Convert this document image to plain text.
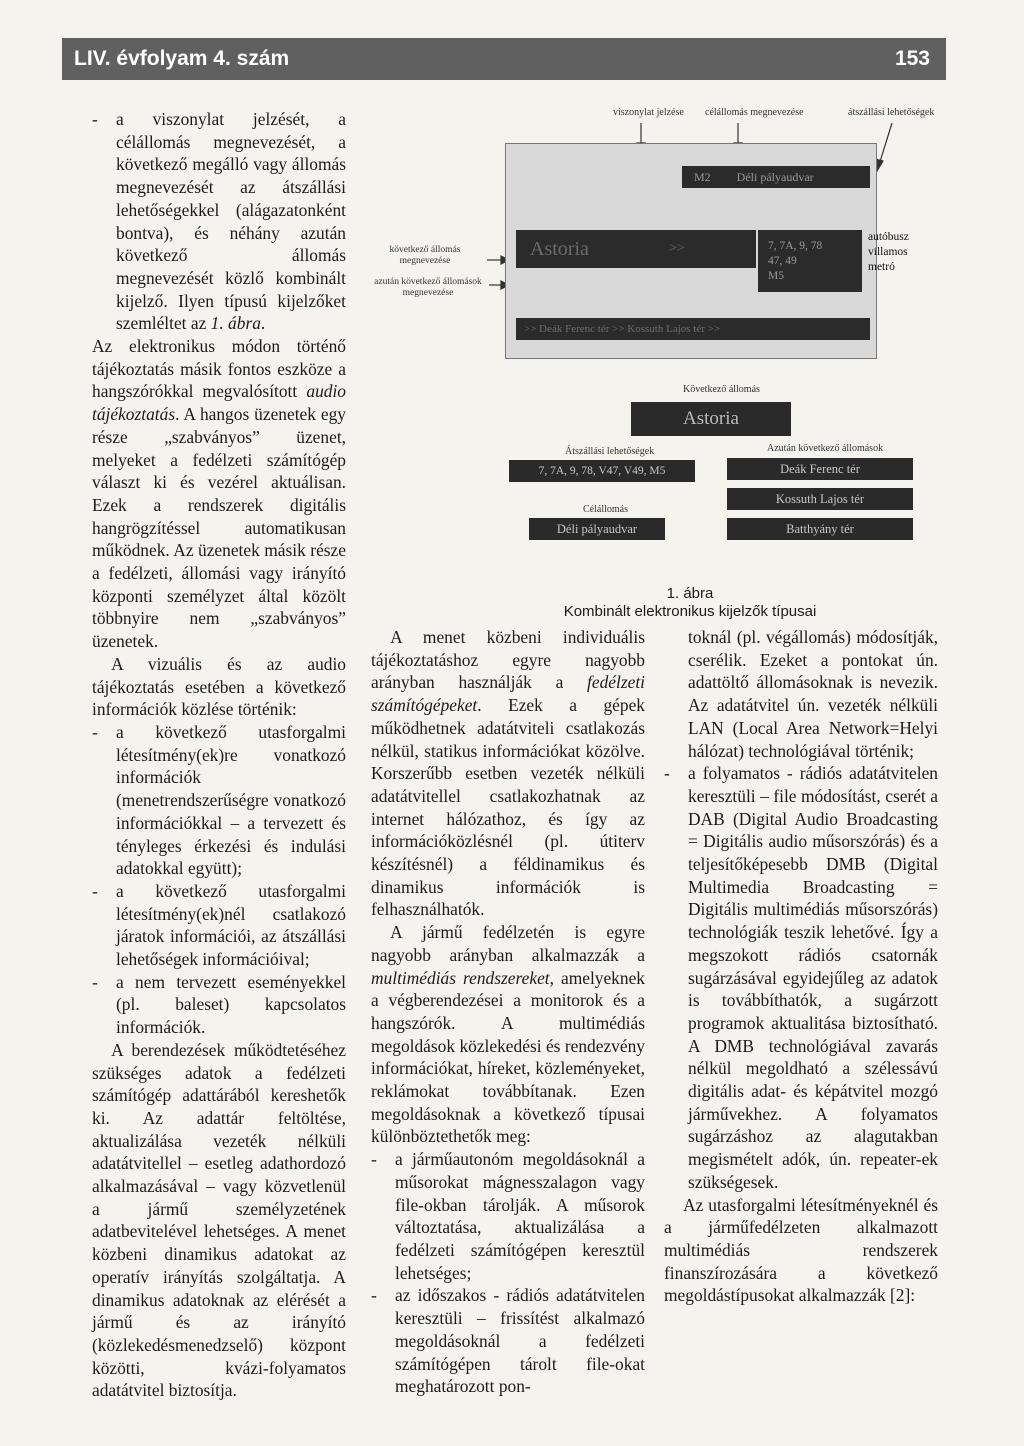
LIV. évfolyam 4. szám	153
-	a viszonylat jelzését, a célállomás megnevezését, a következő megálló vagy állomás megnevezését az átszállási lehetőségekkel (alágazatonként bontva), és néhány azután következő állomás megnevezését közlő kombinált kijelző. Ilyen típusú kijelzőket szemléltet az 1. ábra.

Az elektronikus módon történő tájékoztatás másik fontos eszköze a hangszórókkal megvalósított audio tájékoztatás. A hangos üzenetek egy része „szabványos” üzenet, melyeket a fedélzeti számítógép választ ki és vezérel aktuálisan. Ezek a rendszerek digitális hangrögzítéssel automatikusan működnek. Az üzenetek másik része a fedélzeti, állomási vagy irányító központi személyzet által közölt többnyire nem „szabványos” üzenetek.

A vizuális és az audio tájékoztatás esetében a következő információk közlése történik:

-	a következő utasforgalmi létesítmény(ek)re vonatkozó információk (menetrendszerűségre vonatkozó információkkal – a tervezett és tényleges érkezési és indulási adatokkal együtt);
-	a következő utasforgalmi létesítmény(ek)nél csatlakozó járatok információi, az átszállási lehetőségek információival;
-	a nem tervezett eseményekkel (pl. baleset) kapcsolatos információk.

A berendezések működtetéséhez szükséges adatok a fedélzeti számítógép adattárából kereshetők ki. Az adattár feltöltése, aktualizálása vezeték nélküli adatátvitellel – esetleg adathordozó alkalmazásával – vagy közvetlenül a jármű személyzetének adatbevitelével lehetséges. A menet közbeni dinamikus adatokat az operatív irányítás szolgáltatja. A dinamikus adatoknak az elérését a jármű és az irányító (közlekedésmenedzselő) központ közötti, kvázi-folyamatos adatátvitel biztosítja.

viszonylat jelzése célállomás megnevezése	átszállási lehetőségek
következő állomás megnevezése
azután következő állomások megnevezése
M2 Déli pályaudvar
Astoria	>>	7, 7A, 9, 78
47, 49
M5
autóbusz
villamos
metró
>> Deák Ferenc tér >> Kossuth Lajos tér >>
Következő állomás
Astoria
Átszállási lehetőségek
7, 7A, 9, 78, V47, V49, M5
Célállomás
Déli pályaudvar
Azután következő állomások
Deák Ferenc tér
Kossuth Lajos tér
Batthyány tér
1. ábra
Kombinált elektronikus kijelzők típusai

A menet közbeni individuális tájékoztatáshoz egyre nagyobb arányban használják a fedélzeti számítógépeket. Ezek a gépek működhetnek adatátviteli csatlakozás nélkül, statikus információkat közölve. Korszerűbb esetben vezeték nélküli adatátvitellel csatlakozhatnak az internet hálózathoz, és így az információközlésnél (pl. útiterv készítésnél) a féldinamikus és dinamikus információk is felhasználhatók.

A jármű fedélzetén is egyre nagyobb arányban alkalmazzák a multimédiás rendszereket, amelyeknek a végberendezései a monitorok és a hangszórók. A multimédiás megoldások közlekedési és rendezvény információkat, híreket, közleményeket, reklámokat továbbítanak. Ezen megoldásoknak a következő típusai különböztethetők meg:

-	a járműautonóm megoldásoknál a műsorokat mágnesszalagon vagy file-okban tárolják. A műsorok változtatása, aktualizálása a fedélzeti számítógépen keresztül lehetséges;
-	az időszakos - rádiós adatátvitelen keresztüli – frissítést alkalmazó megoldásoknál a fedélzeti számítógépen tárolt file-okat meghatározott pon-

toknál (pl. végállomás) módosítják, cserélik. Ezeket a pontokat ún. adattöltő állomásoknak is nevezik. Az adatátvitel ún. vezeték nélküli LAN (Local Area Network=Helyi hálózat) technológiával történik;

-	a folyamatos - rádiós adatátvitelen keresztüli – file módosítást, cserét a DAB (Digital Audio Broadcasting = Digitális audio műsorszórás) és a teljesítőképesebb DMB (Digital Multimedia Broadcasting = Digitális multimédiás műsorszórás) technológiák teszik lehetővé. Így a megszokott rádiós csatornák sugárzásával egyidejűleg az adatok is továbbíthatók, a sugárzott programok aktualitása biztosítható. A DMB technológiával zavarás nélkül megoldható a szélessávú digitális adat- és képátvitel mozgó járművekhez. A folyamatos sugárzáshoz az alagutakban megismételt adók, ún. repeater-ek szükségesek.

Az utasforgalmi létesítményeknél és a járműfedélzeten alkalmazott multimédiás rendszerek finanszírozására a következő megoldástípusokat alkalmazzák [2]:
